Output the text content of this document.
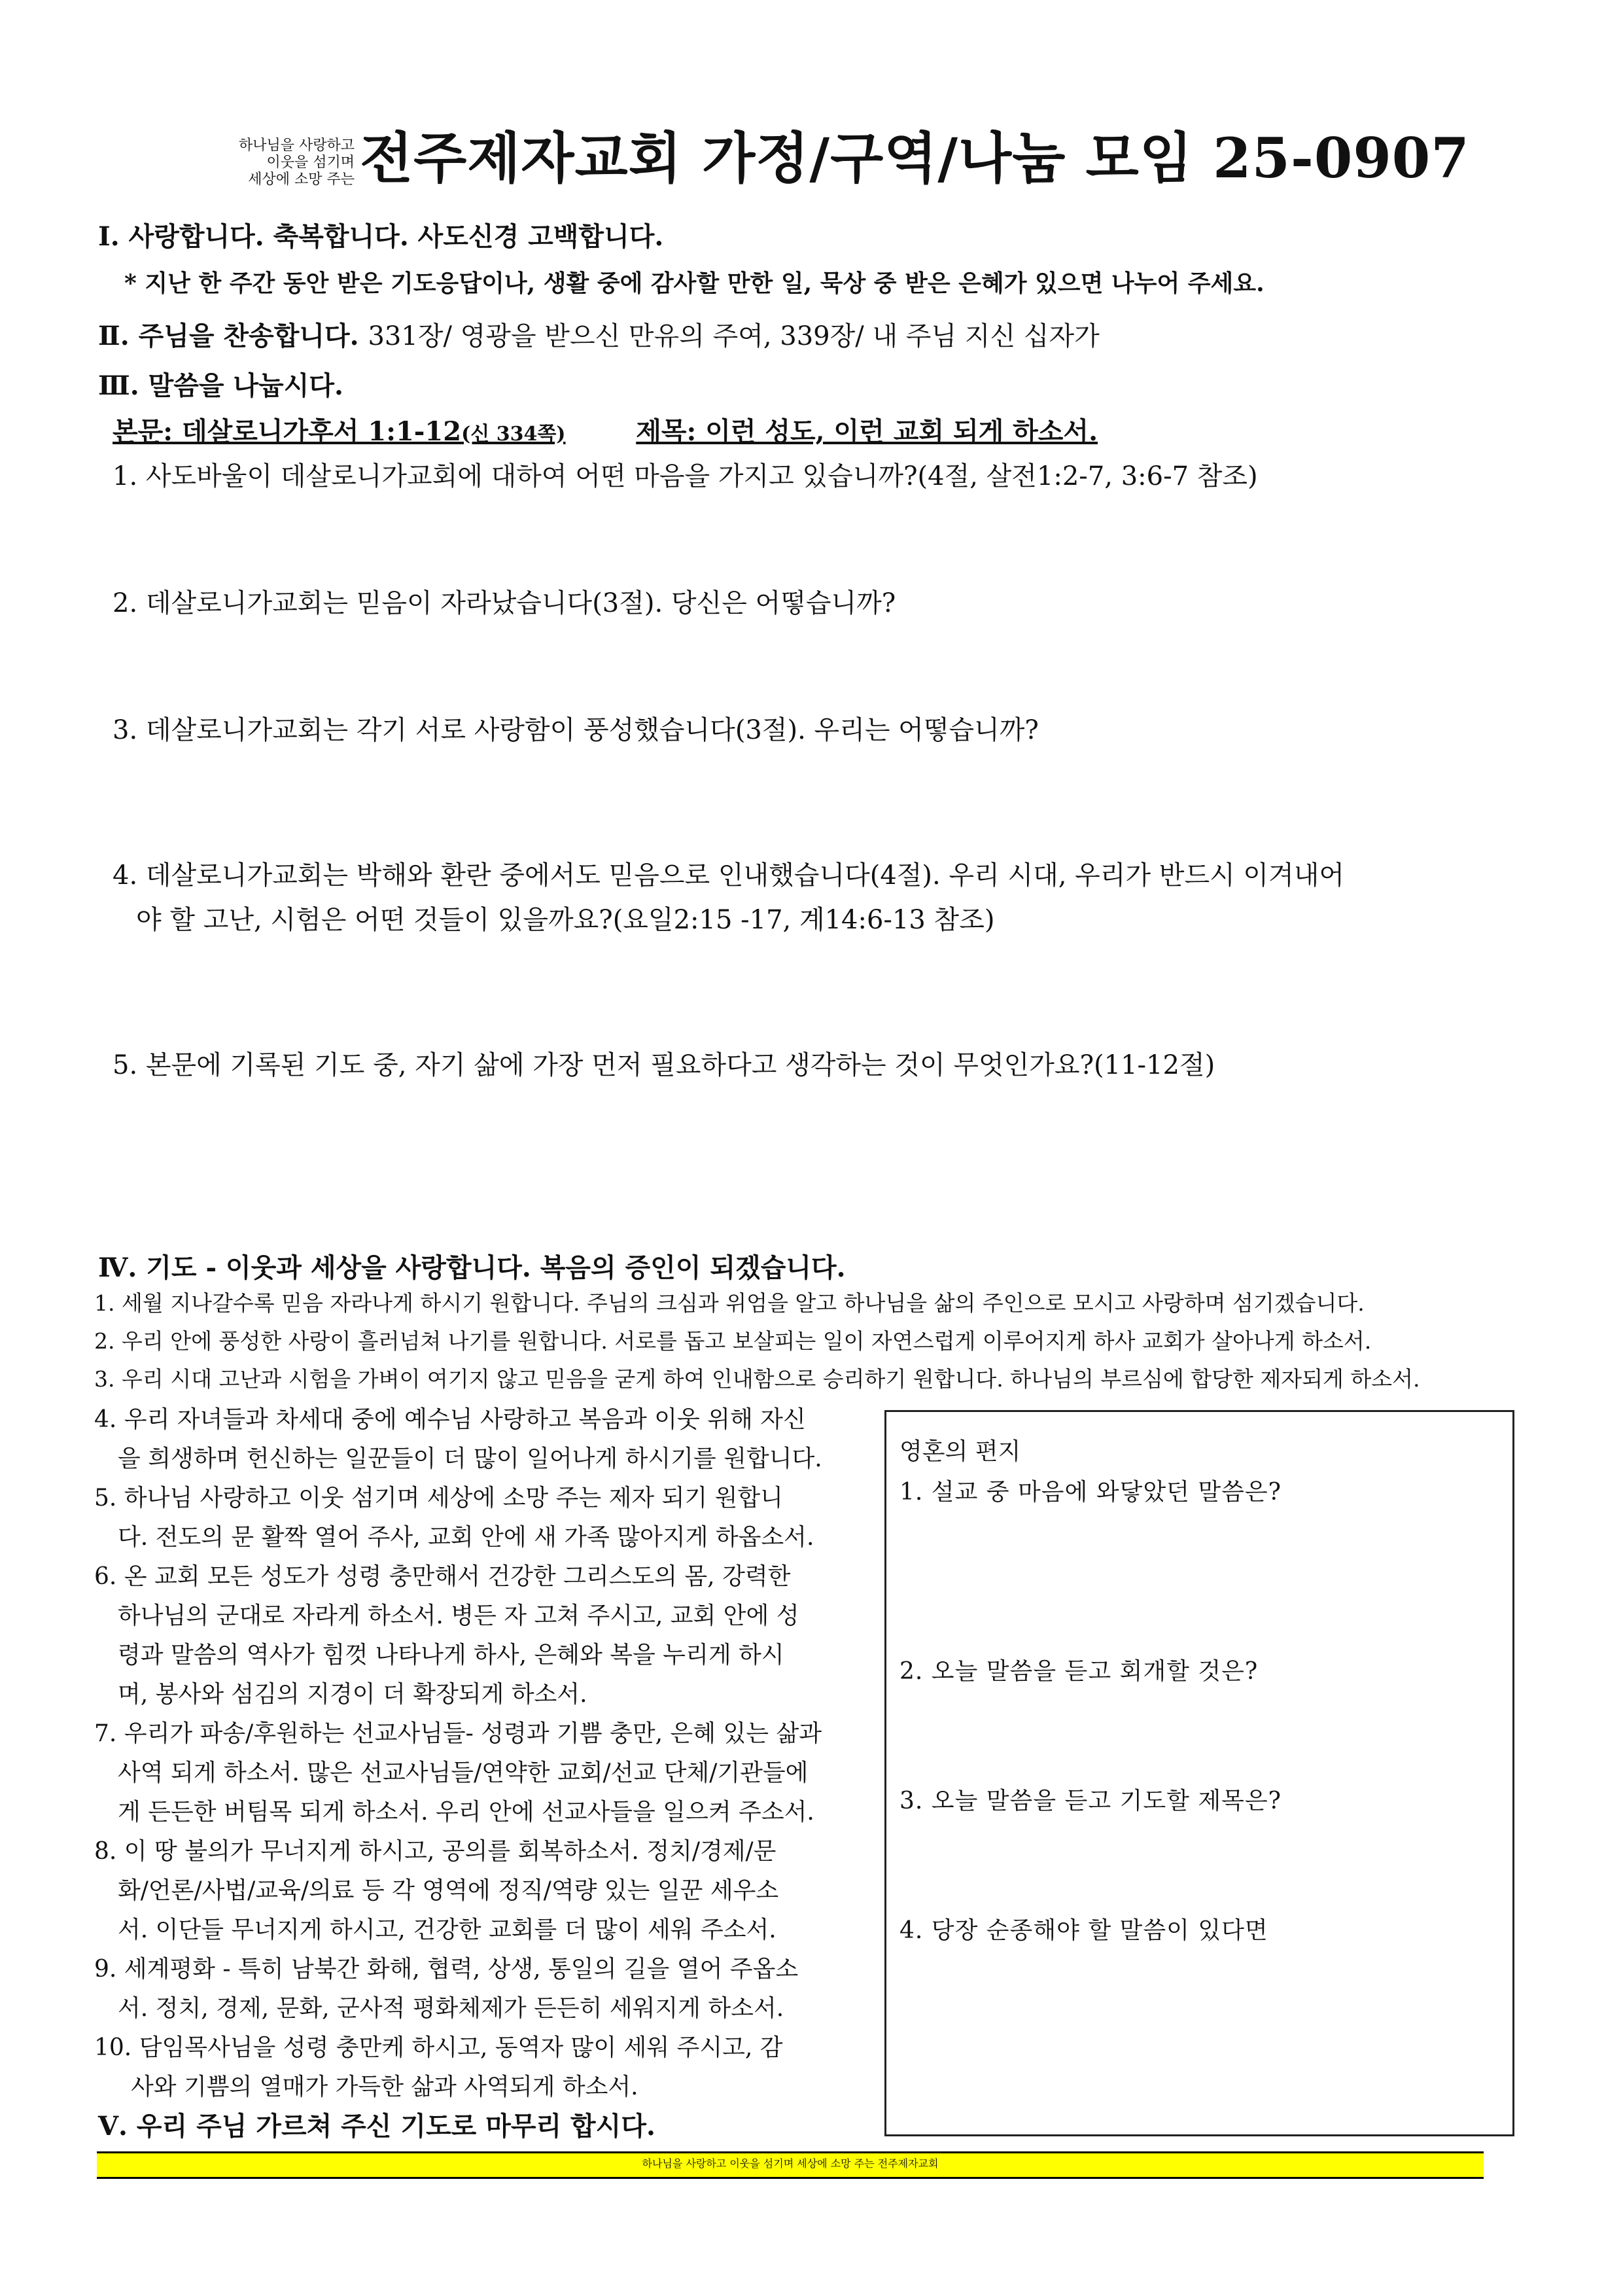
하나님을 사랑하고
이웃을 섬기며
세상에 소망 주는 전주제자교회 가정/구역/나눔 모임 25-0907
Ⅰ. 사랑합니다. 축복합니다. 사도신경 고백합니다.
* 지난 한 주간 동안 받은 기도응답이나, 생활 중에 감사할 만한 일, 묵상 중 받은 은혜가 있으면 나누어 주세요.
Ⅱ. 주님을 찬송합니다. 331장/ 영광을 받으신 만유의 주여, 339장/ 내 주님 지신 십자가
Ⅲ. 말씀을 나눕시다.
본문: 데살로니가후서 1:1-12(신 334쪽)	제목: 이런 성도, 이런 교회 되게 하소서.
1. 사도바울이 데살로니가교회에 대하여 어떤 마음을 가지고 있습니까?(4절, 살전1:2-7, 3:6-7 참조)
2. 데살로니가교회는 믿음이 자라났습니다(3절). 당신은 어떻습니까?
3. 데살로니가교회는 각기 서로 사랑함이 풍성했습니다(3절). 우리는 어떻습니까?
4. 데살로니가교회는 박해와 환란 중에서도 믿음으로 인내했습니다(4절). 우리 시대, 우리가 반드시 이겨내어
야 할 고난, 시험은 어떤 것들이 있을까요?(요일2:15 -17, 계14:6-13 참조)
5. 본문에 기록된 기도 중, 자기 삶에 가장 먼저 필요하다고 생각하는 것이 무엇인가요?(11-12절)
Ⅳ. 기도 - 이웃과 세상을 사랑합니다. 복음의 증인이 되겠습니다.
1. 세월 지나갈수록 믿음 자라나게 하시기 원합니다. 주님의 크심과 위엄을 알고 하나님을 삶의 주인으로 모시고 사랑하며 섬기겠습니다.
2. 우리 안에 풍성한 사랑이 흘러넘쳐 나기를 원합니다. 서로를 돕고 보살피는 일이 자연스럽게 이루어지게 하사 교회가 살아나게 하소서.
3. 우리 시대 고난과 시험을 가벼이 여기지 않고 믿음을 굳게 하여 인내함으로 승리하기 원합니다. 하나님의 부르심에 합당한 제자되게 하소서.
4. 우리 자녀들과 차세대 중에 예수님 사랑하고 복음과 이웃 위해 자신
을 희생하며 헌신하는 일꾼들이 더 많이 일어나게 하시기를 원합니다.
5. 하나님 사랑하고 이웃 섬기며 세상에 소망 주는 제자 되기 원합니
다. 전도의 문 활짝 열어 주사, 교회 안에 새 가족 많아지게 하옵소서.
6. 온 교회 모든 성도가 성령 충만해서 건강한 그리스도의 몸, 강력한
하나님의 군대로 자라게 하소서. 병든 자 고쳐 주시고, 교회 안에 성
령과 말씀의 역사가 힘껏 나타나게 하사, 은혜와 복을 누리게 하시
며, 봉사와 섬김의 지경이 더 확장되게 하소서.
7. 우리가 파송/후원하는 선교사님들- 성령과 기쁨 충만, 은혜 있는 삶과
사역 되게 하소서. 많은 선교사님들/연약한 교회/선교 단체/기관들에
게 든든한 버팀목 되게 하소서. 우리 안에 선교사들을 일으켜 주소서.
8. 이 땅 불의가 무너지게 하시고, 공의를 회복하소서. 정치/경제/문
화/언론/사법/교육/의료 등 각 영역에 정직/역량 있는 일꾼 세우소
서. 이단들 무너지게 하시고, 건강한 교회를 더 많이 세워 주소서.
9. 세계평화 - 특히 남북간 화해, 협력, 상생, 통일의 길을 열어 주옵소
서. 정치, 경제, 문화, 군사적 평화체제가 든든히 세워지게 하소서.
10. 담임목사님을 성령 충만케 하시고, 동역자 많이 세워 주시고, 감
사와 기쁨의 열매가 가득한 삶과 사역되게 하소서.
Ⅴ. 우리 주님 가르쳐 주신 기도로 마무리 합시다.
영혼의 편지
1. 설교 중 마음에 와닿았던 말씀은?
2. 오늘 말씀을 듣고 회개할 것은?
3. 오늘 말씀을 듣고 기도할 제목은?
4. 당장 순종해야 할 말씀이 있다면
하나님을 사랑하고 이웃을 섬기며 세상에 소망 주는 전주제자교회
